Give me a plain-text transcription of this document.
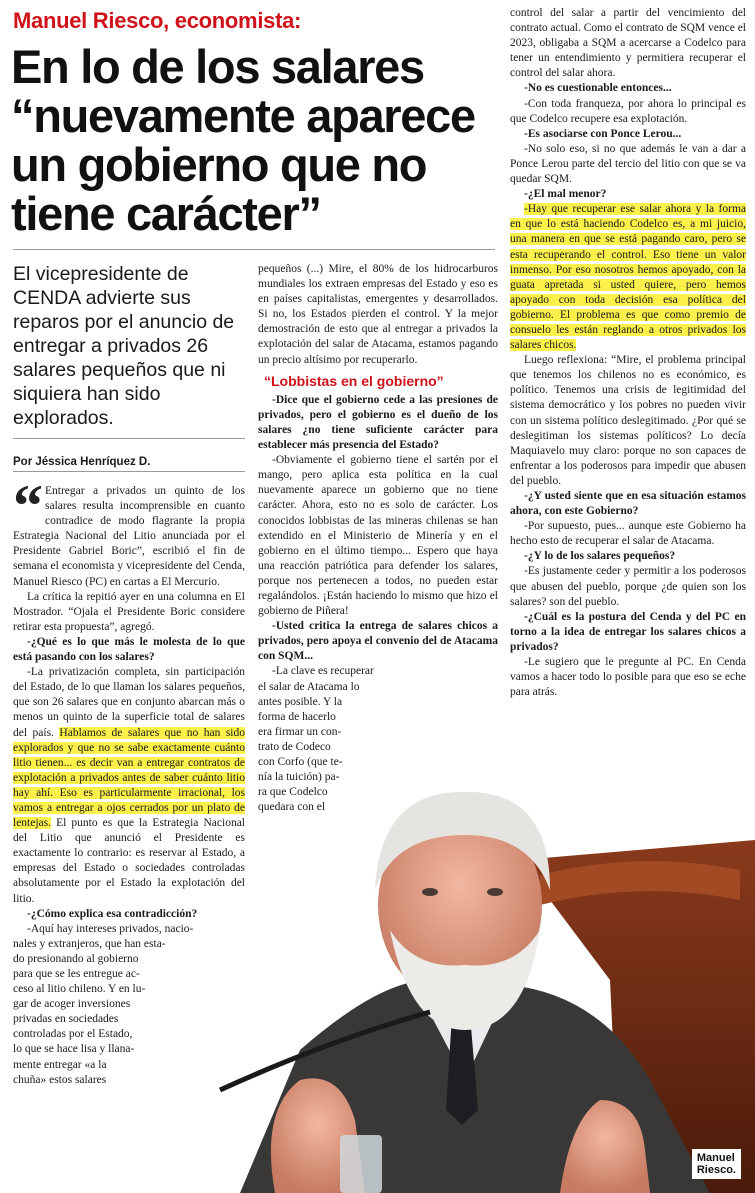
Manuel Riesco, economista:
En lo de los salares
“nuevamente aparece
un gobierno que no
tiene carácter”
El vicepresidente de CENDA advierte sus reparos por el anuncio de entregar a privados 26 salares pequeños que ni siquiera han sido explorados.
Por Jéssica Henríquez D.
Manuel
Riesco.
“ Entregar a privados un quinto de los salares resulta incomprensible en cuanto contradice de modo flagrante la propia Estrategia Nacional del Litio anunciada por el Presidente Gabriel Boric”, escribió el fin de semana el economista y vicepresidente del Cenda, Manuel Riesco (PC) en cartas a El Mercurio.

La crítica la repitió ayer en una columna en El Mostrador. “Ojala el Presidente Boric considere retirar esta propuesta”, agregó.

-¿Qué es lo que más le molesta de lo que está pasando con los salares?

-La privatización completa, sin participación del Estado, de lo que llaman los salares pequeños, que son 26 salares que en conjunto abarcan más o menos un quinto de la superficie total de salares del país. Hablamos de salares que no han sido explorados y que no se sabe exactamente cuánto litio tienen... es decir van a entregar contratos de explotación a privados antes de saber cuánto litio hay ahí. Eso es particularmente irracional, los vamos a entregar a ojos cerrados por un plato de lentejas. El punto es que la Estrategia Nacional del Litio que anunció el Presidente es exactamente lo contrario: es reservar al Estado, a empresas del Estado o sociedades controladas absolutamente por el Estado la explotación del litio.

-¿Cómo explica esa contradicción?

-Aquí hay intereses privados, nacio-
nales y extranjeros, que han esta-
do presionando al gobierno
para que se les entregue ac-
ceso al litio chileno. Y en lu-
gar de acoger inversiones
privadas en sociedades
controladas por el Estado,
lo que se hace lisa y llana-
mente entregar «a la
chuña» estos salares

pequeños (...) Mire, el 80% de los hidrocarburos mundiales los extraen empresas del Estado y eso es en países capitalistas, emergentes y desarrollados. Si no, los Estados pierden el control. Y la mejor demostración de esto que al entregar a privados la explotación del salar de Atacama, estamos pagando un precio altísimo por recuperarlo.

“Lobbistas en el gobierno”

-Dice que el gobierno cede a las presiones de privados, pero el gobierno es el dueño de los salares ¿no tiene suficiente carácter para establecer más presencia del Estado?

-Obviamente el gobierno tiene el sartén por el mango, pero aplica esta política en la cual nuevamente aparece un gobierno que no tiene carácter. Ahora, esto no es solo de carácter. Los conocidos lobbistas de las mineras chilenas se han extendido en el Ministerio de Minería y en el gobierno en el último tiempo... Espero que haya una reacción patriótica para defender los salares, porque nos pertenecen a todos, no pueden estar regalándolos. ¡Están haciendo lo mismo que hizo el gobierno de Piñera!

-Usted critica la entrega de salares chicos a privados, pero apoya el convenio del de Atacama con SQM...

-La clave es recuperar
el salar de Atacama lo
antes posible. Y la
forma de hacerlo
era firmar un con-
trato de Codeco
con Corfo (que te-
nía la tuición) pa-
ra que Codelco
quedara con el

control del salar a partir del vencimiento del contrato actual. Como el contrato de SQM vence el 2023, obligaba a SQM a acercarse a Codelco para tener un entendimiento y permitiera recuperar el control del salar ahora.

-No es cuestionable entonces...

-Con toda franqueza, por ahora lo principal es que Codelco recupere esa explotación.

-Es asociarse con Ponce Lerou...

-No solo eso, si no que además le van a dar a Ponce Lerou parte del tercio del litio con que se va quedar SQM.

-¿El mal menor?

-Hay que recuperar ese salar ahora y la forma en que lo está haciendo Codelco es, a mi juicio, una manera en que se está pagando caro, pero se esta recuperando el control. Eso tiene un valor inmenso. Por eso nosotros hemos apoyado, con la guata apretada si usted quiere, pero hemos apoyado con toda decisión esa política del gobierno. El problema es que como premio de consuelo les están reglando a otros privados los salares chicos.

Luego reflexiona: “Mire, el problema principal que tenemos los chilenos no es económico, es político. Tenemos una crisis de legitimidad del sistema democrático y los pobres no pueden vivir con un sistema político deslegitimado. ¿Por qué se deslegitiman los sistemas políticos? Lo decía Maquiavelo muy claro: porque no son capaces de enfrentar a los poderosos para impedir que abusen del pueblo.

-¿Y usted siente que en esa situación estamos ahora, con este Gobierno?

-Por supuesto, pues... aunque este Gobierno ha hecho esto de recuperar el salar de Atacama.

-¿Y lo de los salares pequeños?

-Es justamente ceder y permitir a los poderosos que abusen del pueblo, porque ¿de quien son los salares? son del pueblo.

-¿Cuál es la postura del Cenda y del PC en torno a la idea de entregar los salares chicos a privados?

-Le sugiero que le pregunte al PC. En Cenda vamos a hacer todo lo posible para que eso se eche para atrás.
